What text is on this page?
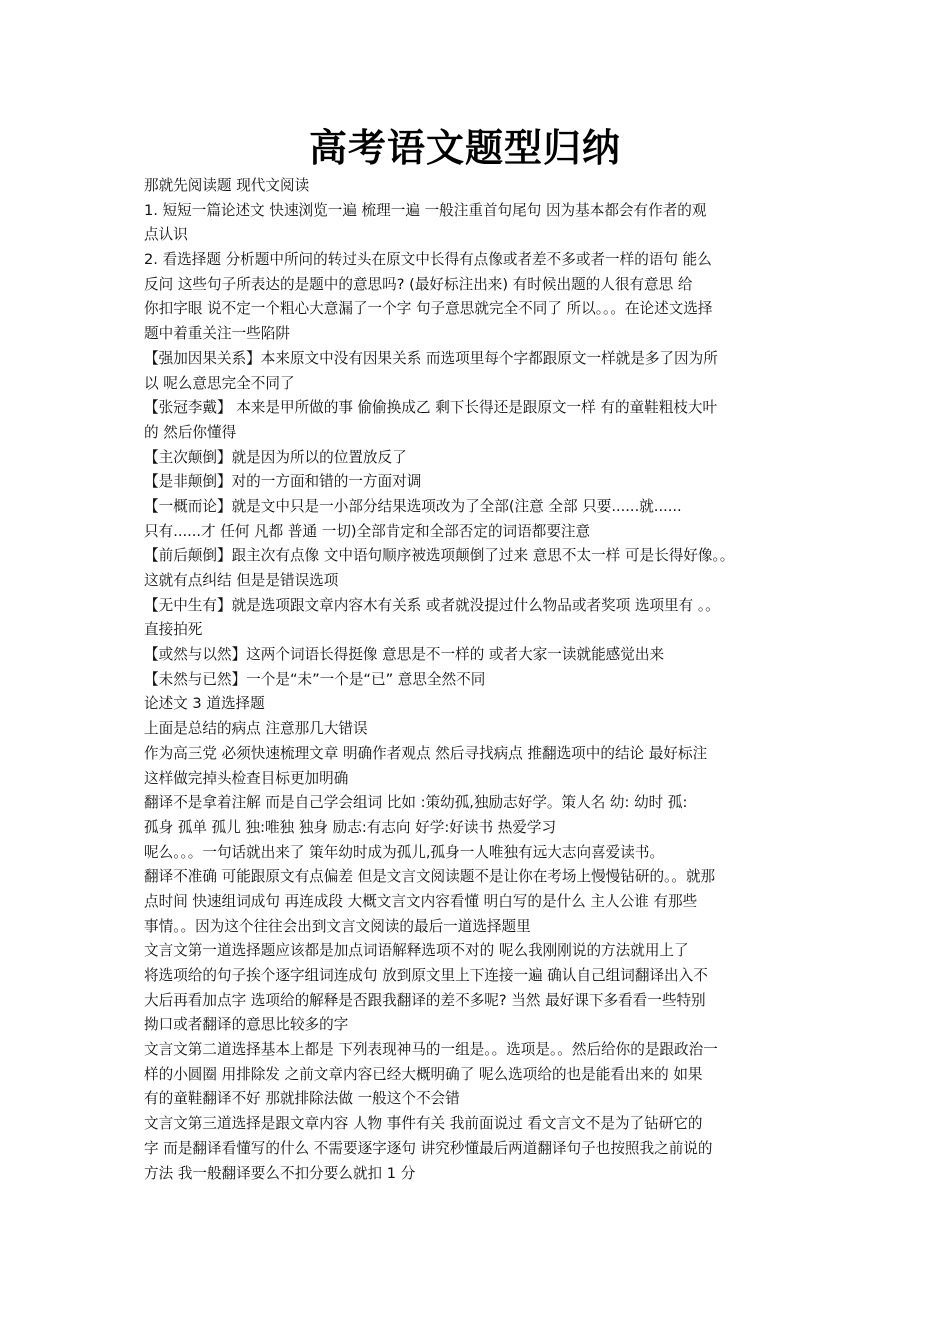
高考语文题型归纳
那就先阅读题 现代文阅读
1. 短短一篇论述文 快速浏览一遍 梳理一遍 一般注重首句尾句 因为基本都会有作者的观
点认识
2. 看选择题 分析题中所问的转过头在原文中长得有点像或者差不多或者一样的语句 能么
反问 这些句子所表达的是题中的意思吗? (最好标注出来) 有时候出题的人很有意思 给
你扣字眼 说不定一个粗心大意漏了一个字 句子意思就完全不同了 所以。。。在论述文选择
题中着重关注一些陷阱
【强加因果关系】本来原文中没有因果关系 而选项里每个字都跟原文一样就是多了因为所
以 呢么意思完全不同了
【张冠李戴】 本来是甲所做的事 偷偷换成乙 剩下长得还是跟原文一样 有的童鞋粗枝大叶
的 然后你懂得
【主次颠倒】就是因为所以的位置放反了
【是非颠倒】对的一方面和错的一方面对调
【一概而论】就是文中只是一小部分结果选项改为了全部(注意 全部 只要......就......
只有......才 任何 凡都 普通 一切)全部肯定和全部否定的词语都要注意
【前后颠倒】跟主次有点像 文中语句顺序被选项颠倒了过来 意思不太一样 可是长得好像。。
这就有点纠结 但是是错误选项
【无中生有】就是选项跟文章内容木有关系 或者就没提过什么物品或者奖项 选项里有 。。
直接拍死
【或然与以然】这两个词语长得挺像 意思是不一样的 或者大家一读就能感觉出来
【未然与已然】一个是“未”一个是“已” 意思全然不同
论述文 3 道选择题
上面是总结的病点 注意那几大错误
作为高三党 必须快速梳理文章 明确作者观点 然后寻找病点 推翻选项中的结论 最好标注
这样做完掉头检查目标更加明确
翻译不是拿着注解 而是自己学会组词 比如 :策幼孤,独励志好学。策人名 幼: 幼时 孤:
孤身 孤单 孤儿 独:唯独 独身 励志:有志向 好学:好读书 热爱学习
呢么。。。一句话就出来了 策年幼时成为孤儿,孤身一人唯独有远大志向喜爱读书。
翻译不准确 可能跟原文有点偏差 但是文言文阅读题不是让你在考场上慢慢钻研的。。就那
点时间 快速组词成句 再连成段 大概文言文内容看懂 明白写的是什么 主人公谁 有那些
事情。。因为这个往往会出到文言文阅读的最后一道选择题里
文言文第一道选择题应该都是加点词语解释选项不对的 呢么我刚刚说的方法就用上了
将选项给的句子挨个逐字组词连成句 放到原文里上下连接一遍 确认自己组词翻译出入不
大后再看加点字 选项给的解释是否跟我翻译的差不多呢? 当然 最好课下多看看一些特别
拗口或者翻译的意思比较多的字
文言文第二道选择基本上都是 下列表现神马的一组是。。选项是。。然后给你的是跟政治一
样的小圆圈 用排除发 之前文章内容已经大概明确了 呢么选项给的也是能看出来的 如果
有的童鞋翻译不好 那就排除法做 一般这个不会错
文言文第三道选择是跟文章内容 人物 事件有关 我前面说过 看文言文不是为了钻研它的
字 而是翻译看懂写的什么 不需要逐字逐句 讲究秒懂最后两道翻译句子也按照我之前说的
方法 我一般翻译要么不扣分要么就扣 1 分
